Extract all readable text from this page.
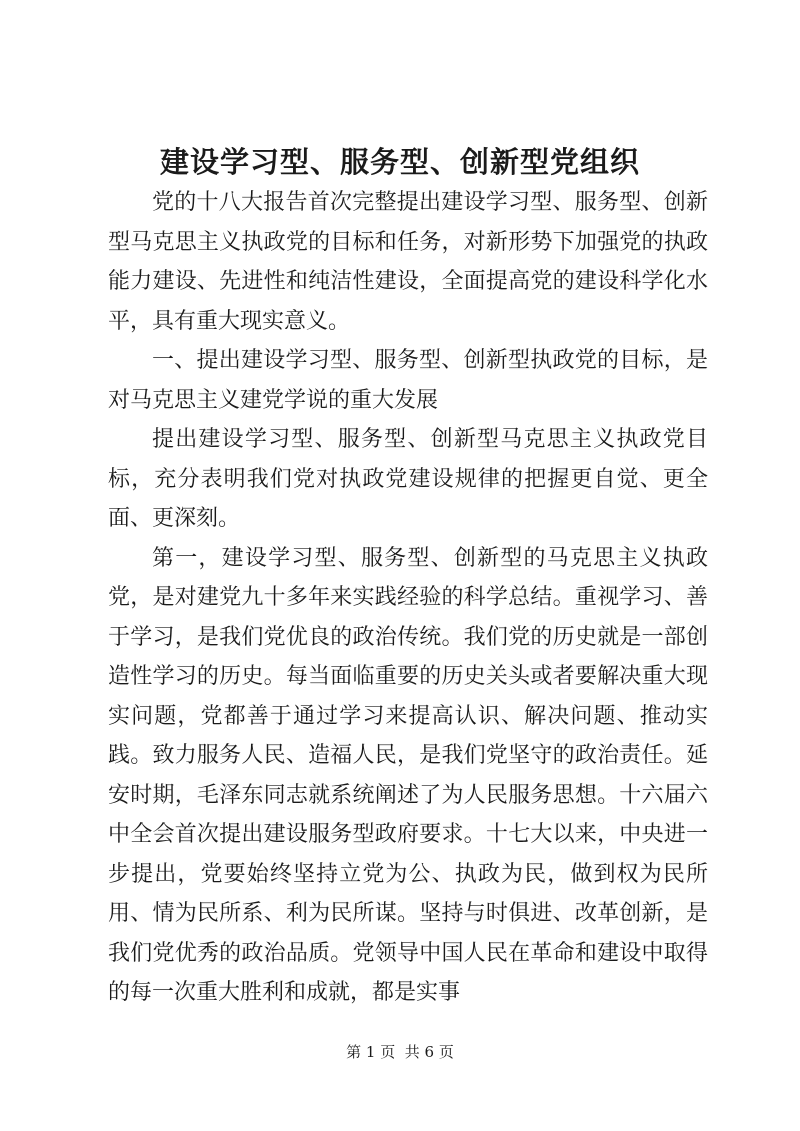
建设学习型、服务型、创新型党组织

党的十八大报告首次完整提出建设学习型、服务型、创新型马克思主义执政党的目标和任务，对新形势下加强党的执政能力建设、先进性和纯洁性建设，全面提高党的建设科学化水平，具有重大现实意义。

一、提出建设学习型、服务型、创新型执政党的目标，是对马克思主义建党学说的重大发展

提出建设学习型、服务型、创新型马克思主义执政党目标，充分表明我们党对执政党建设规律的把握更自觉、更全面、更深刻。

第一，建设学习型、服务型、创新型的马克思主义执政党，是对建党九十多年来实践经验的科学总结。重视学习、善于学习，是我们党优良的政治传统。我们党的历史就是一部创造性学习的历史。每当面临重要的历史关头或者要解决重大现实问题，党都善于通过学习来提高认识、解决问题、推动实践。致力服务人民、造福人民，是我们党坚守的政治责任。延安时期，毛泽东同志就系统阐述了为人民服务思想。十六届六中全会首次提出建设服务型政府要求。十七大以来，中央进一步提出，党要始终坚持立党为公、执政为民，做到权为民所用、情为民所系、利为民所谋。坚持与时俱进、改革创新，是我们党优秀的政治品质。党领导中国人民在革命和建设中取得的每一次重大胜利和成就，都是实事

第 1 页  共 6 页
